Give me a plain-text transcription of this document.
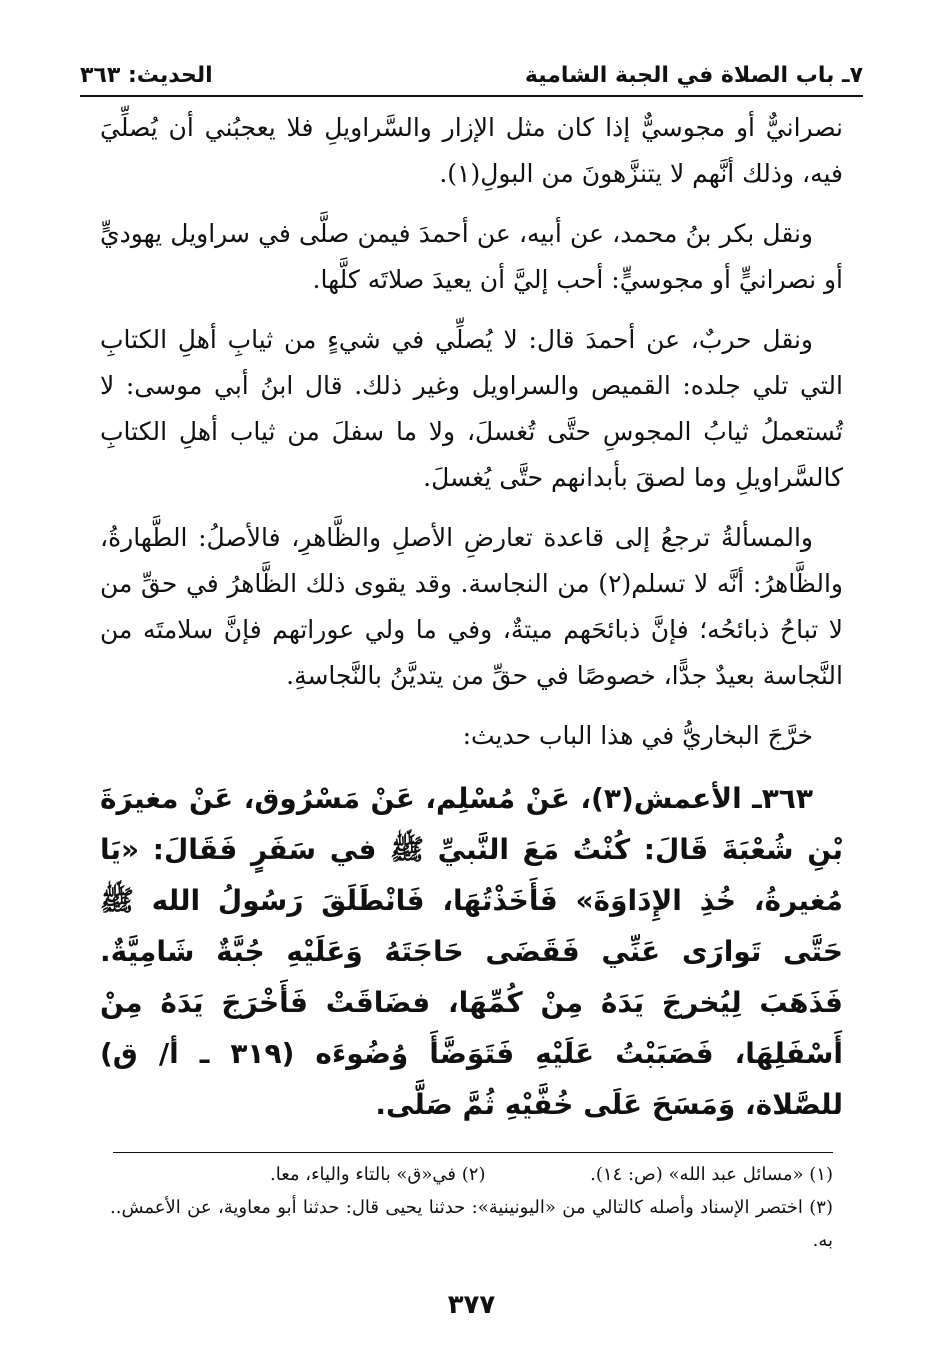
٧ـ باب الصلاة في الجبة الشامية
الحديث: ٣٦٣

نصرانيٌّ أو مجوسيٌّ إذا كان مثل الإزار والسَّراويلِ فلا يعجبُني أن يُصلِّيَ فيه، وذلك أنَّهم لا يتنزَّهونَ من البولِ(١).

ونقل بكر بنُ محمد، عن أبيه، عن أحمدَ فيمن صلَّى في سراويل يهوديٍّ أو نصرانيٍّ أو مجوسيٍّ: أحب إليَّ أن يعيدَ صلاتَه كلَّها.

ونقل حربٌ، عن أحمدَ قال: لا يُصلِّي في شيءٍ من ثيابِ أهلِ الكتابِ التي تلي جلده: القميص والسراويل وغير ذلك. قال ابنُ أبي موسى: لا تُستعملُ ثيابُ المجوسِ حتَّى تُغسلَ، ولا ما سفلَ من ثياب أهلِ الكتابِ كالسَّراويلِ وما لصقَ بأبدانهم حتَّى يُغسلَ.

والمسألةُ ترجعُ إلى قاعدة تعارضِ الأصلِ والظَّاهرِ، فالأصلُ: الطَّهارةُ، والظَّاهرُ: أنَّه لا تسلم(٢) من النجاسة. وقد يقوى ذلك الظَّاهرُ في حقِّ من لا تباحُ ذبائحُه؛ فإنَّ ذبائحَهم ميتةٌ، وفي ما ولي عوراتهم فإنَّ سلامتَه من النَّجاسة بعيدٌ جدًّا، خصوصًا في حقِّ من يتديَّنُ بالنَّجاسةِ.

خرَّجَ البخاريُّ في هذا الباب حديث:

٣٦٣ـ الأعمش(٣)، عَنْ مُسْلِم، عَنْ مَسْرُوق، عَنْ مغيرَةَ بْنِ شُعْبَةَ قَالَ: كُنْتُ مَعَ النَّبيِّ ﷺ في سَفَرٍ فَقَالَ: «يَا مُغيرةُ، خُذِ الإِدَاوَةَ» فَأَخَذْتُهَا، فَانْطَلَقَ رَسُولُ الله ﷺ حَتَّى تَوارَى عَنِّي فَقَضَى حَاجَتَهُ وَعَلَيْهِ جُبَّةٌ شَامِيَّةٌ. فَذَهَبَ لِيُخرجَ يَدَهُ مِنْ كُمِّهَا، فضَاقَتْ فَأَخْرَجَ يَدَهُ مِنْ أَسْفَلِهَا، فَصَبَبْتُ عَلَيْهِ فَتَوَضَّأَ وُضُوءَه (٣١٩ ـ أ/ ق) للصَّلاة، وَمَسَحَ عَلَى خُفَّيْهِ ثُمَّ صَلَّى.

(١) «مسائل عبد الله» (ص: ١٤).
(٢) في«ق» بالتاء والياء، معا.
(٣) اختصر الإسناد وأصله كالتالي من «اليونينية»: حدثنا يحيى قال: حدثنا أبو معاوية، عن الأعمش.. به.
٣٧٧
